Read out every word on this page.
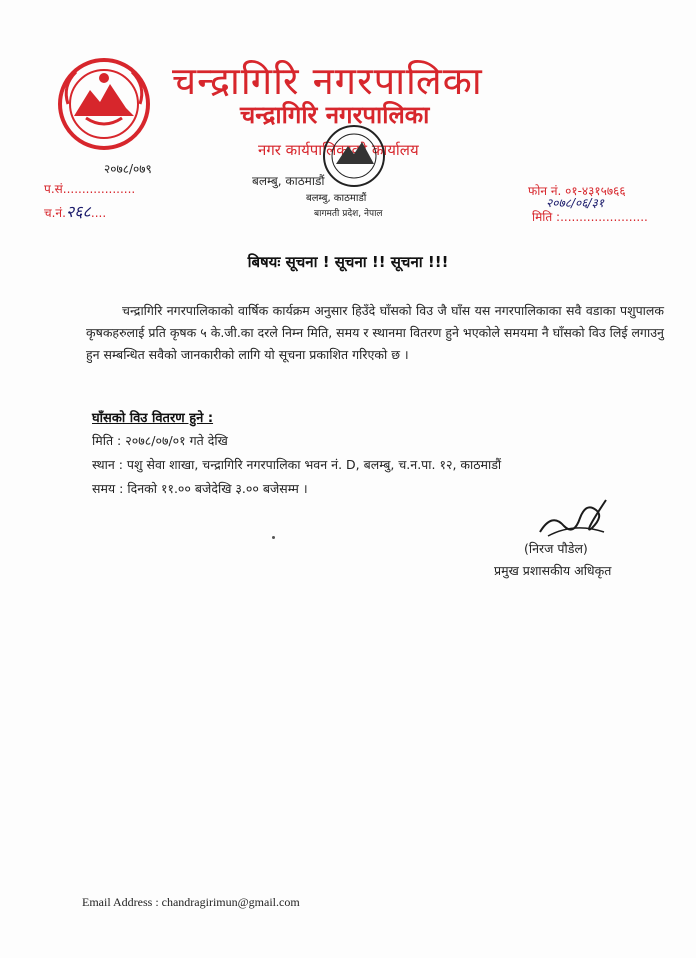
चन्द्रागिरि नगरपालिका
चन्द्रागिरि नगरपालिका
नगर कार्यपालिकाको कार्यालय
बलम्बु, काठमाडौं
बलम्बु, काठमाडौं
बागमती प्रदेश, नेपाल
२०७८/०७९
प.सं...................
च.नं.२६८....
फोन नं. ०१-४३१५७६६
२०७८/०६/३१
मिति :.......................
बिषयः सूचना ! सूचना !! सूचना !!!

चन्द्रागिरि नगरपालिकाको वार्षिक कार्यक्रम अनुसार हिउँदे घाँसको विउ जै घाँस यस नगरपालिकाका सवै वडाका पशुपालक कृषकहरुलाई प्रति कृषक ५ के.जी.का दरले निम्न मिति, समय र स्थानमा वितरण हुने भएकोले समयमा नै घाँसको विउ लिई लगाउनु हुन सम्बन्धित सवैको जानकारीको लागि यो सूचना प्रकाशित गरिएको छ ।

घाँसको विउ वितरण हुने :
मिति : २०७८/०७/०१ गते देखि
स्थान : पशु सेवा शाखा, चन्द्रागिरि नगरपालिका भवन नं. D, बलम्बु, च.न.पा. १२, काठमाडौं
समय : दिनको ११.०० बजेदेखि ३.०० बजेसम्म ।
(निरज पौडेल)
प्रमुख प्रशासकीय अधिकृत
Email Address : chandragirimun@gmail.com
